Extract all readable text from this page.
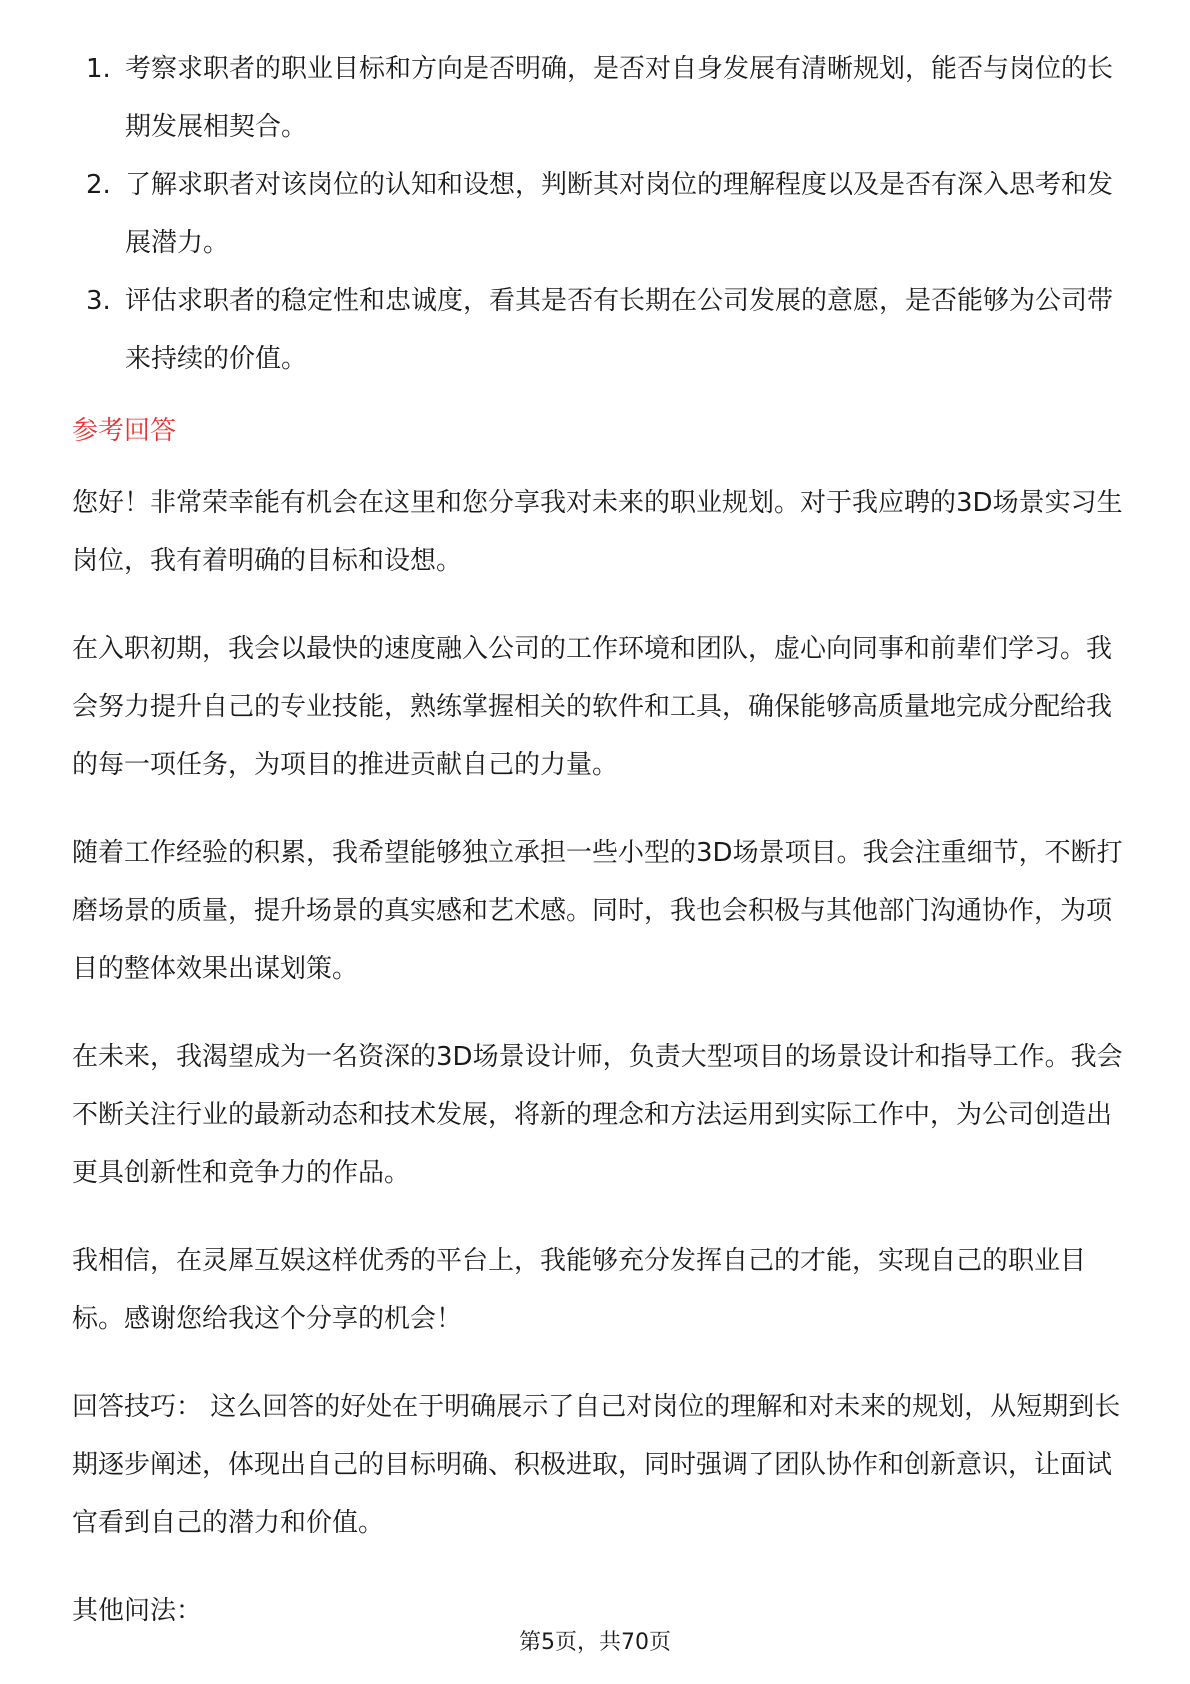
1. 考察求职者的职业目标和方向是否明确，是否对自身发展有清晰规划，能否与岗位的长期发展相契合。
2. 了解求职者对该岗位的认知和设想，判断其对岗位的理解程度以及是否有深入思考和发展潜力。
3. 评估求职者的稳定性和忠诚度，看其是否有长期在公司发展的意愿，是否能够为公司带来持续的价值。
参考回答

您好！非常荣幸能有机会在这里和您分享我对未来的职业规划。对于我应聘的3D场景实习生岗位，我有着明确的目标和设想。

在入职初期，我会以最快的速度融入公司的工作环境和团队，虚心向同事和前辈们学习。我会努力提升自己的专业技能，熟练掌握相关的软件和工具，确保能够高质量地完成分配给我的每一项任务，为项目的推进贡献自己的力量。

随着工作经验的积累，我希望能够独立承担一些小型的3D场景项目。我会注重细节，不断打磨场景的质量，提升场景的真实感和艺术感。同时，我也会积极与其他部门沟通协作，为项目的整体效果出谋划策。

在未来，我渴望成为一名资深的3D场景设计师，负责大型项目的场景设计和指导工作。我会不断关注行业的最新动态和技术发展，将新的理念和方法运用到实际工作中，为公司创造出更具创新性和竞争力的作品。

我相信，在灵犀互娱这样优秀的平台上，我能够充分发挥自己的才能，实现自己的职业目标。感谢您给我这个分享的机会！

回答技巧： 这么回答的好处在于明确展示了自己对岗位的理解和对未来的规划，从短期到长期逐步阐述，体现出自己的目标明确、积极进取，同时强调了团队协作和创新意识，让面试官看到自己的潜力和价值。

其他问法：

第5页，共70页
